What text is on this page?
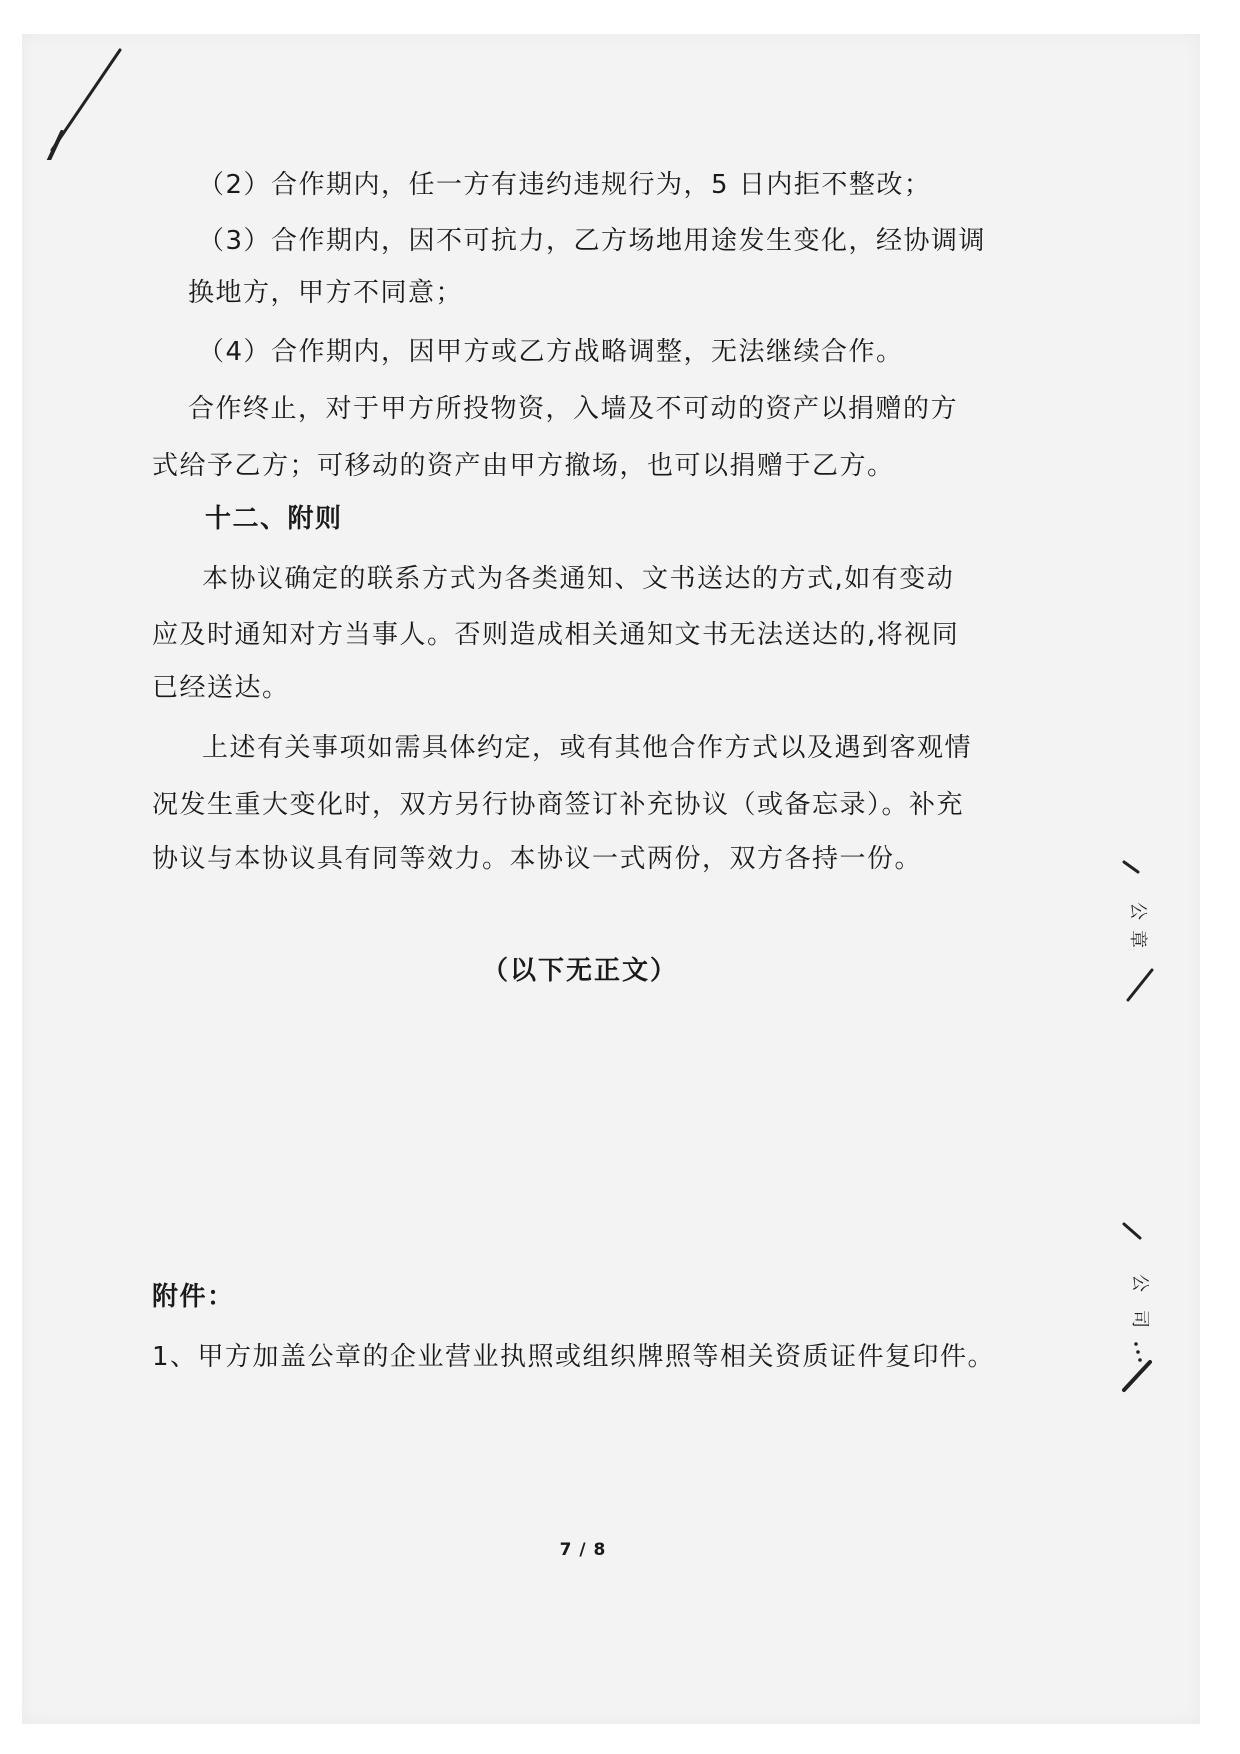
（2）合作期内，任一方有违约违规行为，5 日内拒不整改；
（3）合作期内，因不可抗力，乙方场地用途发生变化，经协调调
换地方，甲方不同意；
（4）合作期内，因甲方或乙方战略调整，无法继续合作。
合作终止，对于甲方所投物资，入墙及不可动的资产以捐赠的方
式给予乙方；可移动的资产由甲方撤场，也可以捐赠于乙方。
十二、附则
本协议确定的联系方式为各类通知、文书送达的方式,如有变动
应及时通知对方当事人。否则造成相关通知文书无法送达的,将视同
已经送达。
上述有关事项如需具体约定，或有其他合作方式以及遇到客观情
况发生重大变化时，双方另行协商签订补充协议（或备忘录）。补充
协议与本协议具有同等效力。本协议一式两份，双方各持一份。
（以下无正文）
附件：
1、甲方加盖公章的企业营业执照或组织牌照等相关资质证件复印件。
7 / 8
公
章
公
司
